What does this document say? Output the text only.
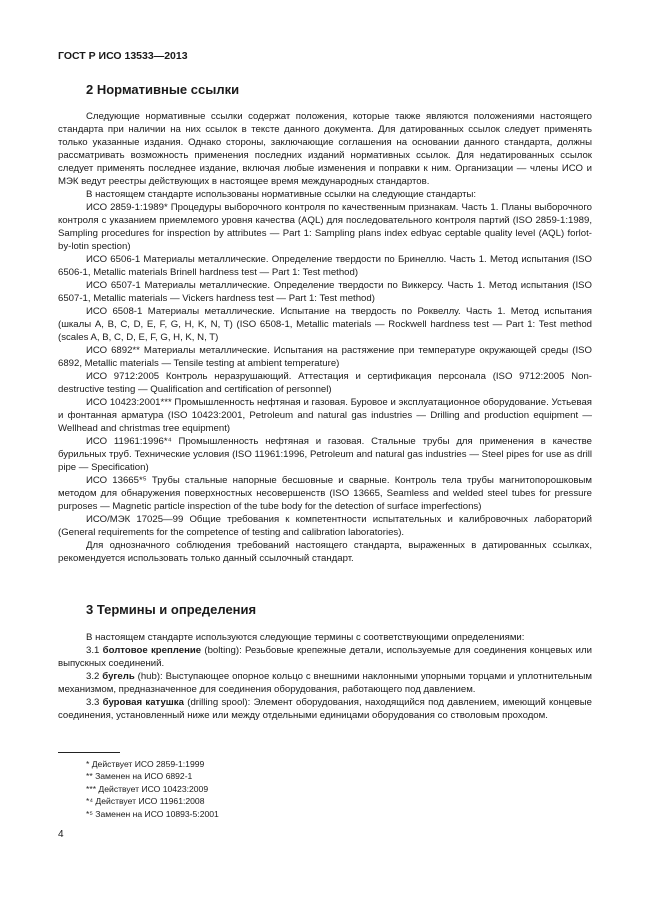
ГОСТ Р ИСО 13533—2013
2 Нормативные ссылки

Следующие нормативные ссылки содержат положения, которые также являются положениями настоящего стандарта при наличии на них ссылок в тексте данного документа. Для датированных ссылок следует применять только указанные издания. Однако стороны, заключающие соглашения на основании данного стандарта, должны рассматривать возможность применения последних изданий нормативных ссылок. Для недатированных ссылок следует применять последнее издание, включая любые изменения и поправки к ним. Организации — члены ИСО и МЭК ведут реестры действующих в настоящее время международных стандартов.

В настоящем стандарте использованы нормативные ссылки на следующие стандарты:

ИСО 2859-1:1989* Процедуры выборочного контроля по качественным признакам. Часть 1. Планы выборочного контроля с указанием приемлемого уровня качества (AQL) для последовательного контроля партий (ISO 2859-1:1989, Sampling procedures for inspection by attributes — Part 1: Sampling plans index edbyac ceptable quality level (AQL) forlot-by-lotin spection)

ИСО 6506-1 Материалы металлические. Определение твердости по Бринеллю. Часть 1. Метод испытания (ISO 6506-1, Metallic materials Brinell hardness test — Part 1: Test method)

ИСО 6507-1 Материалы металлические. Определение твердости по Виккерсу. Часть 1. Метод испытания (ISO 6507-1, Metallic materials — Vickers hardness test — Part 1: Test method)

ИСО 6508-1 Материалы металлические. Испытание на твердость по Роквеллу. Часть 1. Метод испытания (шкалы A, B, C, D, E, F, G, H, K, N, T) (ISO 6508-1, Metallic materials — Rockwell hardness test — Part 1: Test method (scales A, B, C, D, E, F, G, H, K, N, T)

ИСО 6892** Материалы металлические. Испытания на растяжение при температуре окружающей среды (ISO 6892, Metallic materials — Tensile testing at ambient temperature)

ИСО 9712:2005 Контроль неразрушающий. Аттестация и сертификация персонала (ISO 9712:2005 Non-destructive testing — Qualification and certification of personnel)

ИСО 10423:2001*** Промышленность нефтяная и газовая. Буровое и эксплуатационное оборудование. Устьевая и фонтанная арматура (ISO 10423:2001, Petroleum and natural gas industries — Drilling and production equipment — Wellhead and christmas tree equipment)

ИСО 11961:1996*⁴ Промышленность нефтяная и газовая. Стальные трубы для применения в качестве бурильных труб. Технические условия (ISO 11961:1996, Petroleum and natural gas industries — Steel pipes for use as drill pipe — Specification)

ИСО 13665*⁵ Трубы стальные напорные бесшовные и сварные. Контроль тела трубы магнитопорошковым методом для обнаружения поверхностных несовершенств (ISO 13665, Seamless and welded steel tubes for pressure purposes — Magnetic particle inspection of the tube body for the detection of surface imperfections)

ИСО/МЭК 17025—99 Общие требования к компетентности испытательных и калибровочных лабораторий (General requirements for the competence of testing and calibration laboratories).

Для однозначного соблюдения требований настоящего стандарта, выраженных в датированных ссылках, рекомендуется использовать только данный ссылочный стандарт.

3 Термины и определения

В настоящем стандарте используются следующие термины с соответствующими определениями:

3.1 болтовое крепление (bolting): Резьбовые крепежные детали, используемые для соединения концевых или выпускных соединений.

3.2 бугель (hub): Выступающее опорное кольцо с внешними наклонными упорными торцами и уплотнительным механизмом, предназначенное для соединения оборудования, работающего под давлением.

3.3 буровая катушка (drilling spool): Элемент оборудования, находящийся под давлением, имеющий концевые соединения, установленный ниже или между отдельными единицами оборудования со стволовым проходом.

* Действует ИСО 2859-1:1999
** Заменен на ИСО 6892-1
*** Действует ИСО 10423:2009
*⁴ Действует ИСО 11961:2008
*⁵ Заменен на ИСО 10893-5:2001
4
